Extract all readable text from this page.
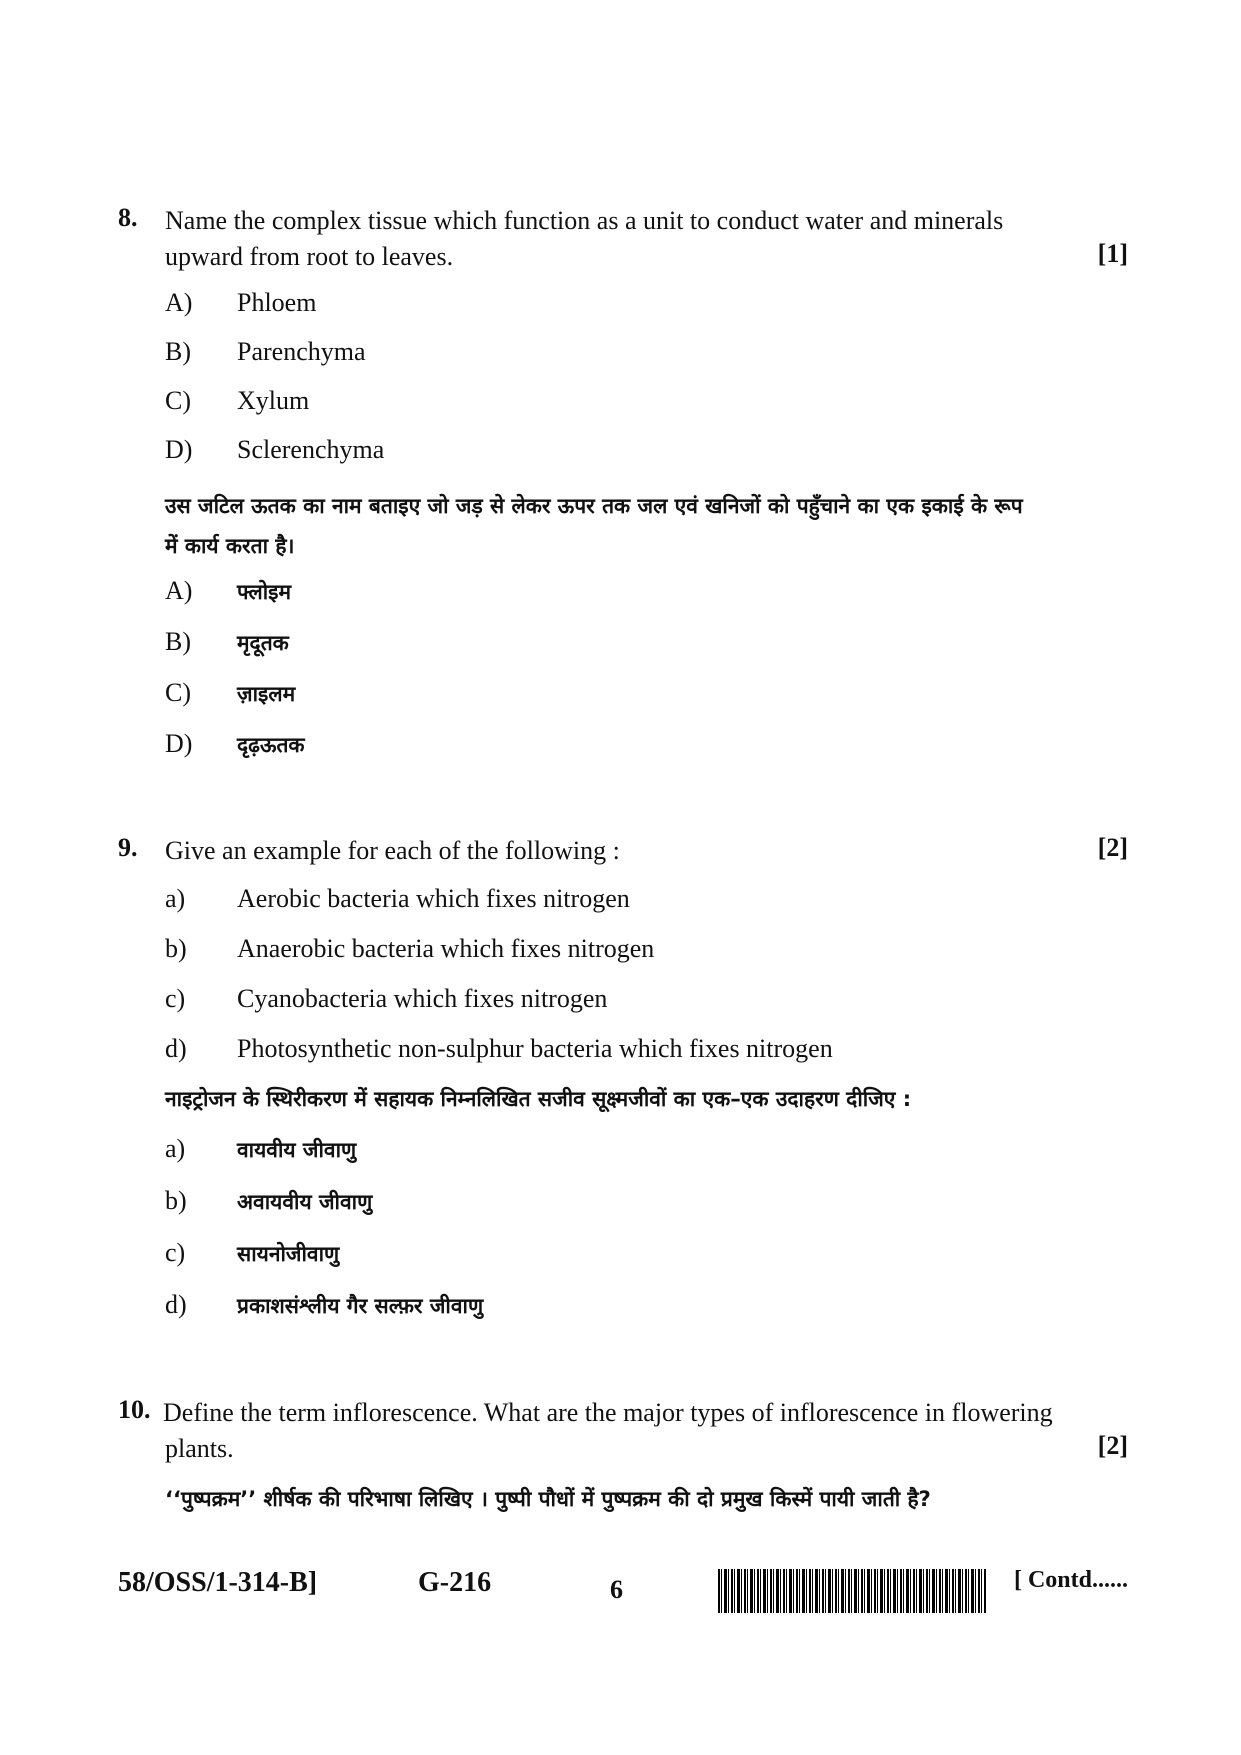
8. Name the complex tissue which function as a unit to conduct water and minerals
upward from root to leaves.	[1]
A) Phloem
B) Parenchyma
C) Xylum
D) Sclerenchyma
उस जटिल ऊतक का नाम बताइए जो जड़ से लेकर ऊपर तक जल एवं खनिजों को पहुँचाने का एक इकाई के रूप
में कार्य करता है।
A) फ्लोइम
B) मृदूतक
C) ज़ाइलम
D) दृढ़ऊतक
9. Give an example for each of the following :	[2]
a) Aerobic bacteria which fixes nitrogen
b) Anaerobic bacteria which fixes nitrogen
c) Cyanobacteria which fixes nitrogen
d) Photosynthetic non-sulphur bacteria which fixes nitrogen
नाइट्रोजन के स्थिरीकरण में सहायक निम्नलिखित सजीव सूक्ष्मजीवों का एक–एक उदाहरण दीजिए :
a) वायवीय जीवाणु
b) अवायवीय जीवाणु
c) सायनोजीवाणु
d) प्रकाशसंश्लीय गैर सल्फ़र जीवाणु
10. Define the term inflorescence. What are the major types of inflorescence in flowering
plants.	[2]
‘‘पुष्पक्रम’’ शीर्षक की परिभाषा लिखिए । पुष्पी पौधों में पुष्पक्रम की दो प्रमुख किस्में पायी जाती है?
58/OSS/1-314-B]	G-216	6	[ Contd......
